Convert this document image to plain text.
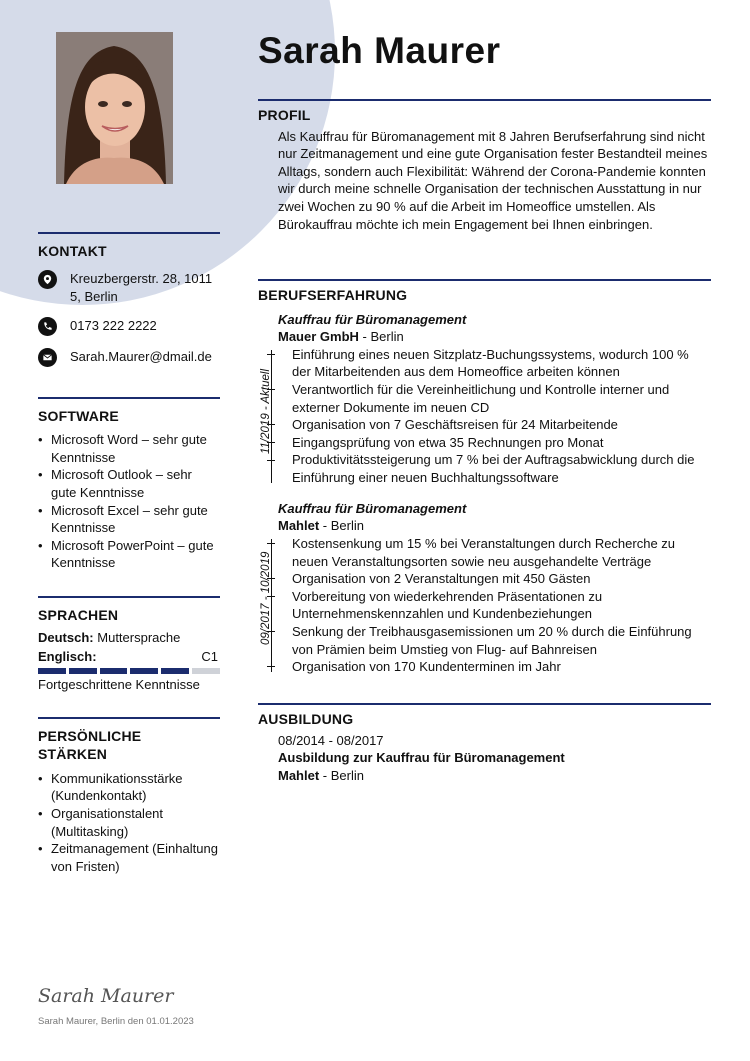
KONTAKT
Kreuzbergerstr. 28, 10115, Berlin
0173 222 2222
Sarah.Maurer@dmail.de
SOFTWARE
• Microsoft Word – sehr gute Kenntnisse
• Microsoft Outlook – sehr gute Kenntnisse
• Microsoft Excel – sehr gute Kenntnisse
• Microsoft PowerPoint – gute Kenntnisse
SPRACHEN
Deutsch: Muttersprache
Englisch:	C1
Fortgeschrittene Kenntnisse
PERSÖNLICHE STÄRKEN
• Kommunikationsstärke (Kundenkontakt)
• Organisationstalent (Multitasking)
• Zeitmanagement (Einhaltung von Fristen)
Sarah Maurer
Sarah Maurer, Berlin den 01.01.2023
Sarah Maurer
PROFIL
Als Kauffrau für Büromanagement mit 8 Jahren Berufserfahrung sind nicht nur Zeitmanagement und eine gute Organisation fester Bestandteil meines Alltags, sondern auch Flexibilität: Während der Corona-Pandemie konnten wir durch meine schnelle Organisation der technischen Ausstattung in nur zwei Wochen zu 90 % auf die Arbeit im Homeoffice umstellen. Als Bürokauffrau möchte ich mein Engagement bei Ihnen einbringen.
BERUFSERFAHRUNG
Kauffrau für Büromanagement
Mauer GmbH - Berlin
11/2019 - Aktuell
Einführung eines neuen Sitzplatz-Buchungssystems, wodurch 100 % der Mitarbeitenden aus dem Homeoffice arbeiten können
Verantwortlich für die Vereinheitlichung und Kontrolle interner und externer Dokumente im neuen CD
Organisation von 7 Geschäftsreisen für 24 Mitarbeitende
Eingangsprüfung von etwa 35 Rechnungen pro Monat
Produktivitätssteigerung um 7 % bei der Auftragsabwicklung durch die Einführung einer neuen Buchhaltungssoftware
Kauffrau für Büromanagement
Mahlet - Berlin
09/2017 - 10/2019
Kostensenkung um 15 % bei Veranstaltungen durch Recherche zu neuen Veranstaltungsorten sowie neu ausgehandelte Verträge
Organisation von 2 Veranstaltungen mit 450 Gästen
Vorbereitung von wiederkehrenden Präsentationen zu Unternehmenskennzahlen und Kundenbeziehungen
Senkung der Treibhausgasemissionen um 20 % durch die Einführung von Prämien beim Umstieg von Flug- auf Bahnreisen
Organisation von 170 Kundenterminen im Jahr
AUSBILDUNG
08/2014 - 08/2017
Ausbildung zur Kauffrau für Büromanagement
Mahlet - Berlin
